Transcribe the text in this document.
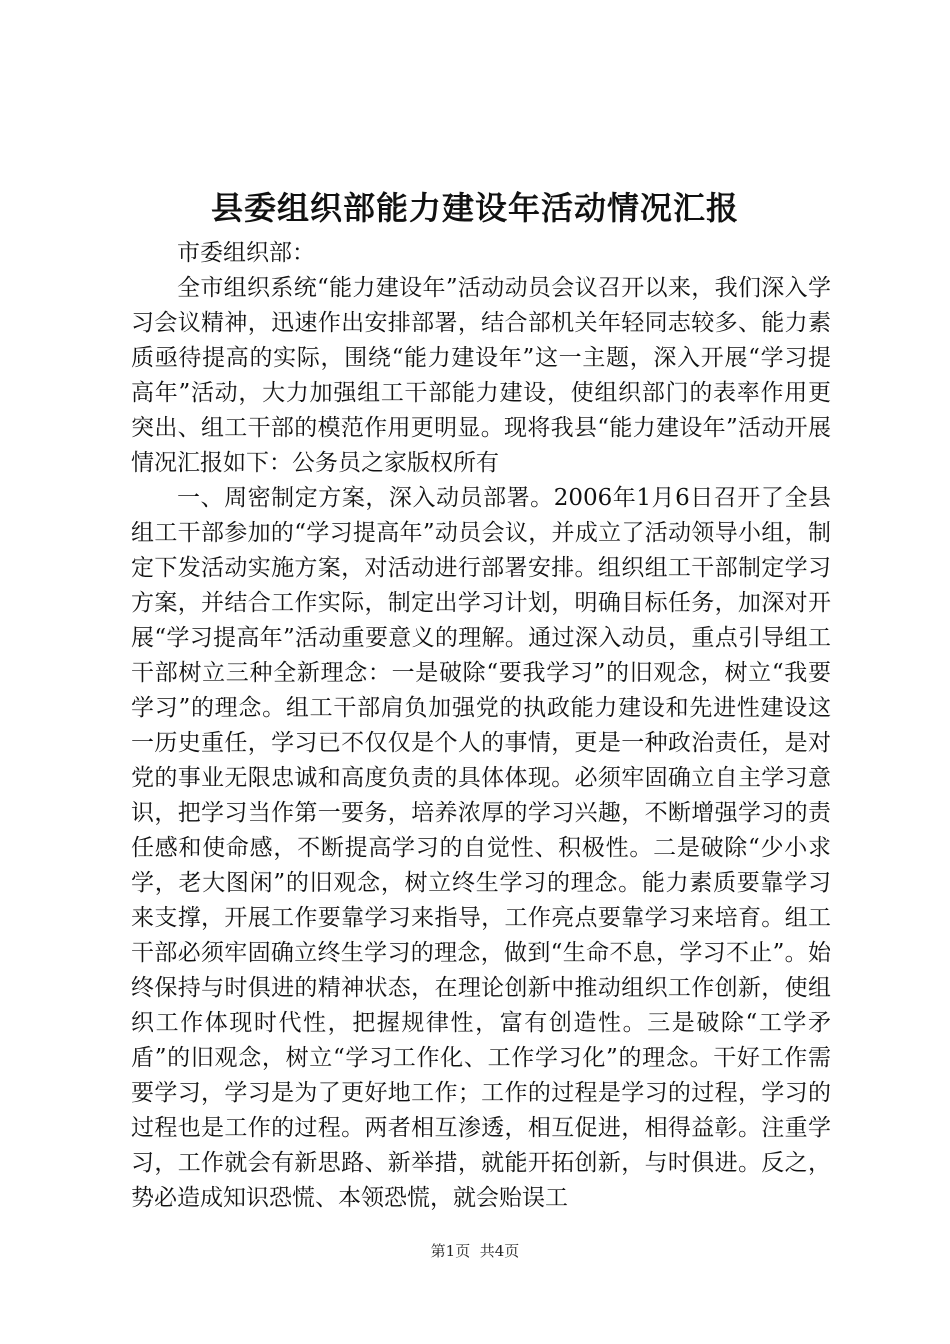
县委组织部能力建设年活动情况汇报

市委组织部：

全市组织系统“能力建设年”活动动员会议召开以来，我们深入学习会议精神，迅速作出安排部署，结合部机关年轻同志较多、能力素质亟待提高的实际，围绕“能力建设年”这一主题，深入开展“学习提高年”活动，大力加强组工干部能力建设，使组织部门的表率作用更突出、组工干部的模范作用更明显。现将我县“能力建设年”活动开展情况汇报如下：公务员之家版权所有

一、周密制定方案，深入动员部署。2006年1月6日召开了全县组工干部参加的“学习提高年”动员会议，并成立了活动领导小组，制定下发活动实施方案，对活动进行部署安排。组织组工干部制定学习方案，并结合工作实际，制定出学习计划，明确目标任务，加深对开展“学习提高年”活动重要意义的理解。通过深入动员，重点引导组工干部树立三种全新理念：一是破除“要我学习”的旧观念，树立“我要学习”的理念。组工干部肩负加强党的执政能力建设和先进性建设这一历史重任，学习已不仅仅是个人的事情，更是一种政治责任，是对党的事业无限忠诚和高度负责的具体体现。必须牢固确立自主学习意识，把学习当作第一要务，培养浓厚的学习兴趣，不断增强学习的责任感和使命感，不断提高学习的自觉性、积极性。二是破除“少小求学，老大图闲”的旧观念，树立终生学习的理念。能力素质要靠学习来支撑，开展工作要靠学习来指导，工作亮点要靠学习来培育。组工干部必须牢固确立终生学习的理念，做到“生命不息，学习不止”。始终保持与时俱进的精神状态，在理论创新中推动组织工作创新，使组织工作体现时代性，把握规律性，富有创造性。三是破除“工学矛盾”的旧观念，树立“学习工作化、工作学习化”的理念。干好工作需要学习，学习是为了更好地工作；工作的过程是学习的过程，学习的过程也是工作的过程。两者相互渗透，相互促进，相得益彰。注重学习，工作就会有新思路、新举措，就能开拓创新，与时俱进。反之，势必造成知识恐慌、本领恐慌，就会贻误工

第1页 共4页
